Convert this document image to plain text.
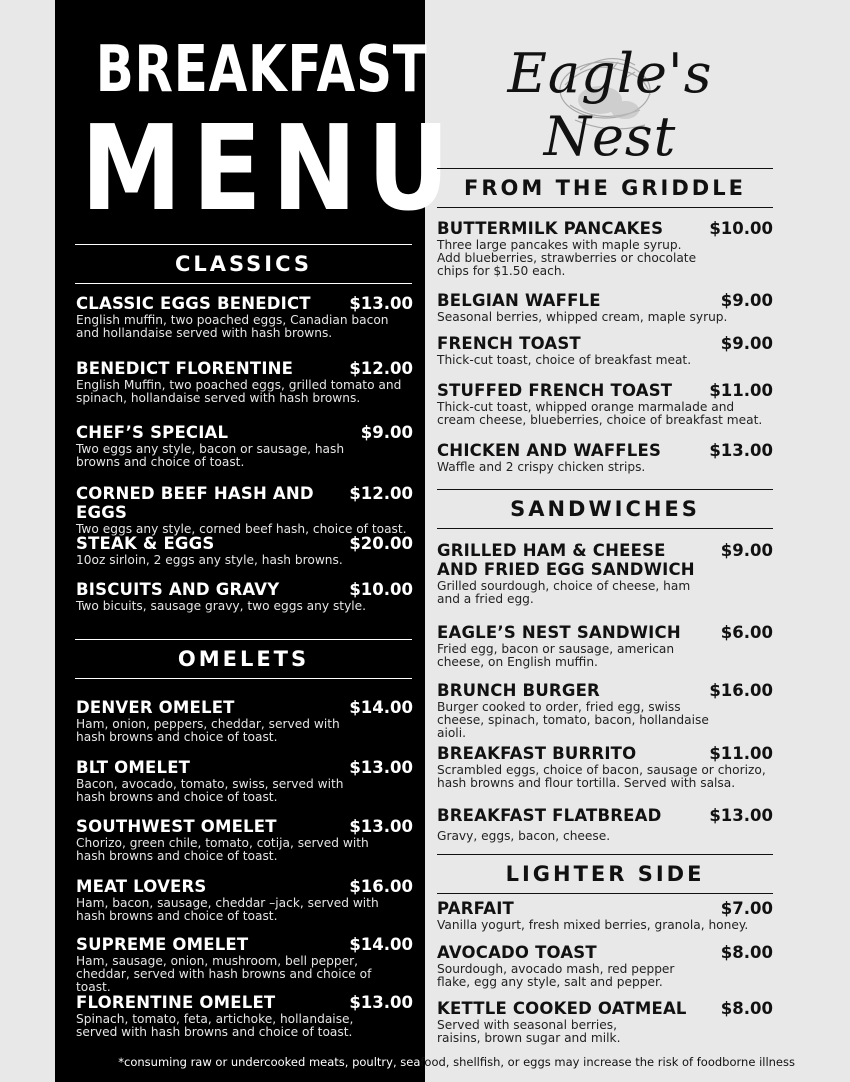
BREAKFAST
MENU
Eagle's Nest
CLASSICS
CLASSIC EGGS BENEDICT	$13.00
English muffin, two poached eggs, Canadian bacon and hollandaise served with hash browns.
BENEDICT FLORENTINE	$12.00
English Muffin, two poached eggs, grilled tomato and spinach, hollandaise served with hash browns.
CHEF’S SPECIAL	$9.00
Two eggs any style, bacon or sausage, hash browns and choice of toast.
CORNED BEEF HASH AND EGGS
$12.00
Two eggs any style, corned beef hash, choice of toast.
STEAK & EGGS	$20.00
10oz sirloin, 2 eggs any style, hash browns.
BISCUITS AND GRAVY	$10.00
Two bicuits, sausage gravy, two eggs any style.
OMELETS
DENVER OMELET	$14.00
Ham, onion, peppers, cheddar, served with hash browns and choice of toast.
BLT OMELET	$13.00
Bacon, avocado, tomato, swiss, served with hash browns and choice of toast.
SOUTHWEST OMELET	$13.00
Chorizo, green chile, tomato, cotija, served with hash browns and choice of toast.
MEAT LOVERS	$16.00
Ham, bacon, sausage, cheddar –jack, served with hash browns and choice of toast.
SUPREME OMELET	$14.00
Ham, sausage, onion, mushroom, bell pepper, cheddar, served with hash browns and choice of toast.
FLORENTINE OMELET	$13.00
Spinach, tomato, feta, artichoke, hollandaise, served with hash browns and choice of toast.
FROM THE GRIDDLE
BUTTERMILK PANCAKES	$10.00
Three large pancakes with maple syrup. Add blueberries, strawberries or chocolate chips for $1.50 each.
BELGIAN WAFFLE	$9.00
Seasonal berries, whipped cream, maple syrup.
FRENCH TOAST	$9.00
Thick-cut toast, choice of breakfast meat.
STUFFED FRENCH TOAST	$11.00
Thick-cut toast, whipped orange marmalade and cream cheese, blueberries, choice of breakfast meat.
CHICKEN AND WAFFLES	$13.00
Waffle and 2 crispy chicken strips.
SANDWICHES
GRILLED HAM & CHEESE AND FRIED EGG SANDWICH
$9.00
Grilled sourdough, choice of cheese, ham and a fried egg.
EAGLE’S NEST SANDWICH	$6.00
Fried egg, bacon or sausage, american cheese, on English muffin.
BRUNCH BURGER	$16.00
Burger cooked to order, fried egg, swiss cheese, spinach, tomato, bacon, hollandaise aioli.
BREAKFAST BURRITO	$11.00
Scrambled eggs, choice of bacon, sausage or chorizo, hash browns and flour tortilla. Served with salsa.
BREAKFAST FLATBREAD	$13.00
Gravy, eggs, bacon, cheese.
LIGHTER SIDE
PARFAIT	$7.00
Vanilla yogurt, fresh mixed berries, granola, honey.
AVOCADO TOAST	$8.00
Sourdough, avocado mash, red pepper flake, egg any style, salt and pepper.
KETTLE COOKED OATMEAL	$8.00
Served with seasonal berries, raisins, brown sugar and milk.
*consuming raw or undercooked meats, poultry, seafood, shellfish, or eggs may increase the risk of foodborne illness
